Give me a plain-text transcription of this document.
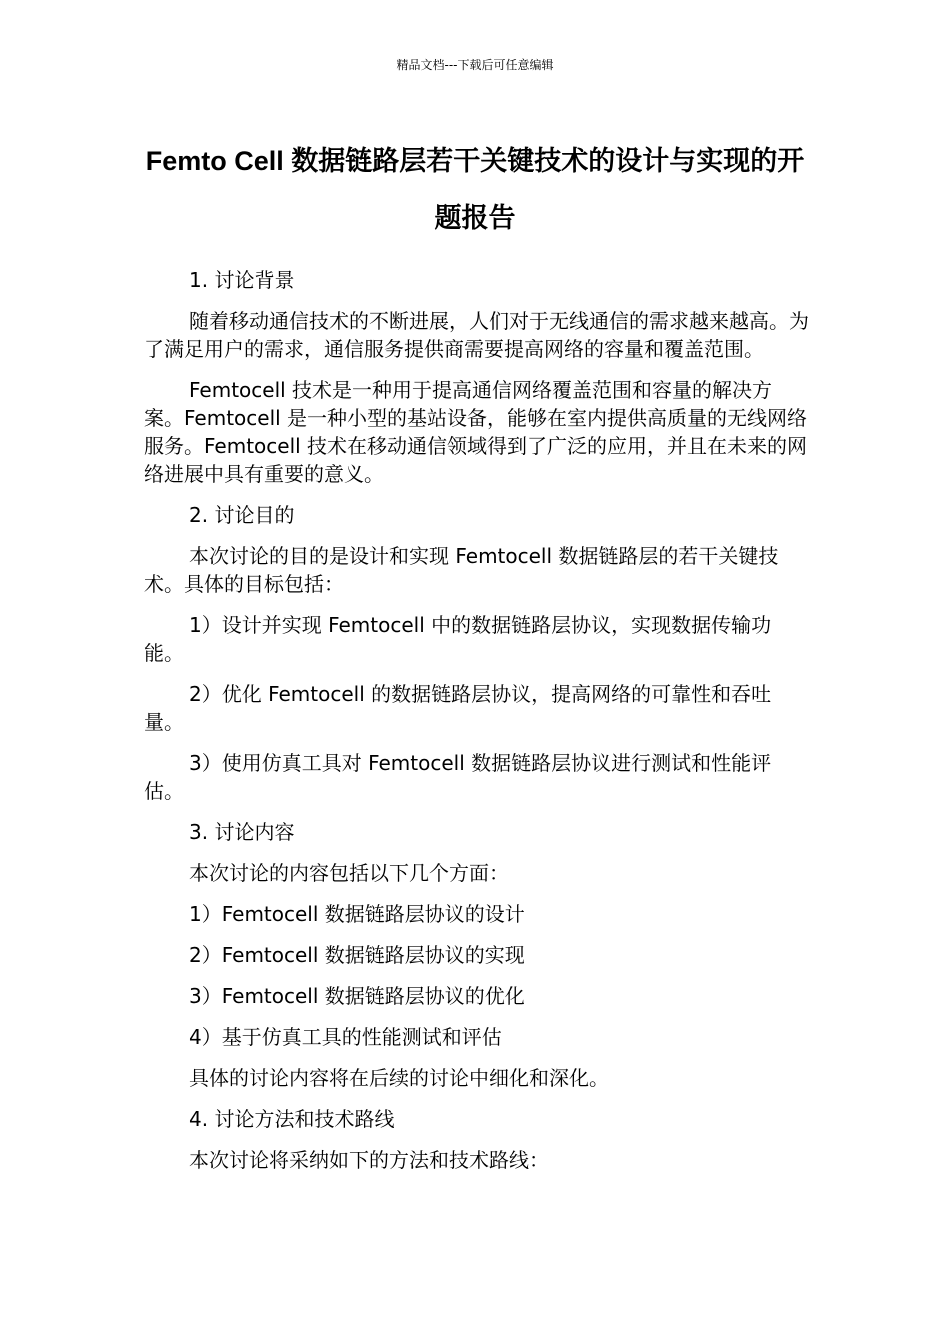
精品文档---下载后可任意编辑
Femto Cell 数据链路层若干关键技术的设计与实现的开题报告

1. 讨论背景

随着移动通信技术的不断进展，人们对于无线通信的需求越来越高。为了满足用户的需求，通信服务提供商需要提高网络的容量和覆盖范围。

Femtocell 技术是一种用于提高通信网络覆盖范围和容量的解决方案。Femtocell 是一种小型的基站设备，能够在室内提供高质量的无线网络服务。Femtocell 技术在移动通信领域得到了广泛的应用，并且在未来的网络进展中具有重要的意义。

2. 讨论目的

本次讨论的目的是设计和实现 Femtocell 数据链路层的若干关键技术。具体的目标包括：

1）设计并实现 Femtocell 中的数据链路层协议，实现数据传输功能。

2）优化 Femtocell 的数据链路层协议，提高网络的可靠性和吞吐量。

3）使用仿真工具对 Femtocell 数据链路层协议进行测试和性能评估。

3. 讨论内容

本次讨论的内容包括以下几个方面：

1）Femtocell 数据链路层协议的设计

2）Femtocell 数据链路层协议的实现

3）Femtocell 数据链路层协议的优化

4）基于仿真工具的性能测试和评估

具体的讨论内容将在后续的讨论中细化和深化。

4. 讨论方法和技术路线

本次讨论将采纳如下的方法和技术路线：
